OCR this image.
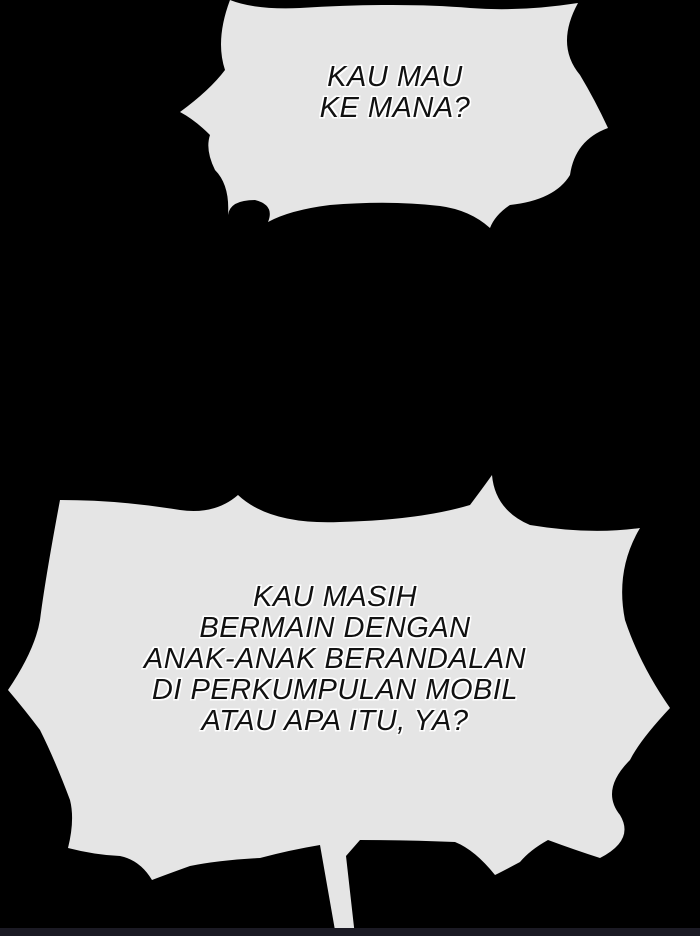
KAU MAU
KE MANA?
KAU MASIH
BERMAIN DENGAN
ANAK-ANAK BERANDALAN
DI PERKUMPULAN MOBIL
ATAU APA ITU, YA?
